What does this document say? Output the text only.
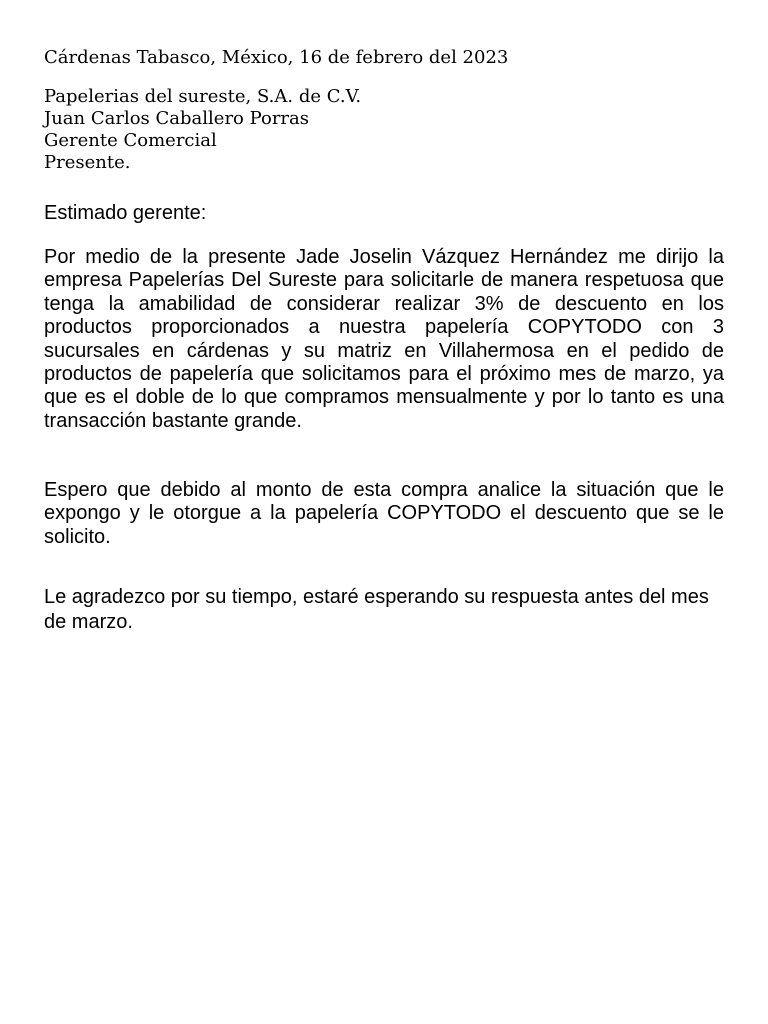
Cárdenas Tabasco, México, 16 de febrero del 2023
Papelerias del sureste, S.A. de C.V.
Juan Carlos Caballero Porras
Gerente Comercial
Presente.
Estimado gerente:

Por medio de la presente Jade Joselin Vázquez Hernández me dirijo la empresa Papelerías Del Sureste para solicitarle de manera respetuosa que tenga la amabilidad de considerar realizar 3% de descuento en los productos proporcionados a nuestra papelería COPYTODO con 3 sucursales en cárdenas y su matriz en Villahermosa en el pedido de productos de papelería que solicitamos para el próximo mes de marzo, ya que es el doble de lo que compramos mensualmente y por lo tanto es una transacción bastante grande.

Espero que debido al monto de esta compra analice la situación que le expongo y le otorgue a la papelería COPYTODO el descuento que se le solicito.

Le agradezco por su tiempo, estaré esperando su respuesta antes del mes de marzo.
